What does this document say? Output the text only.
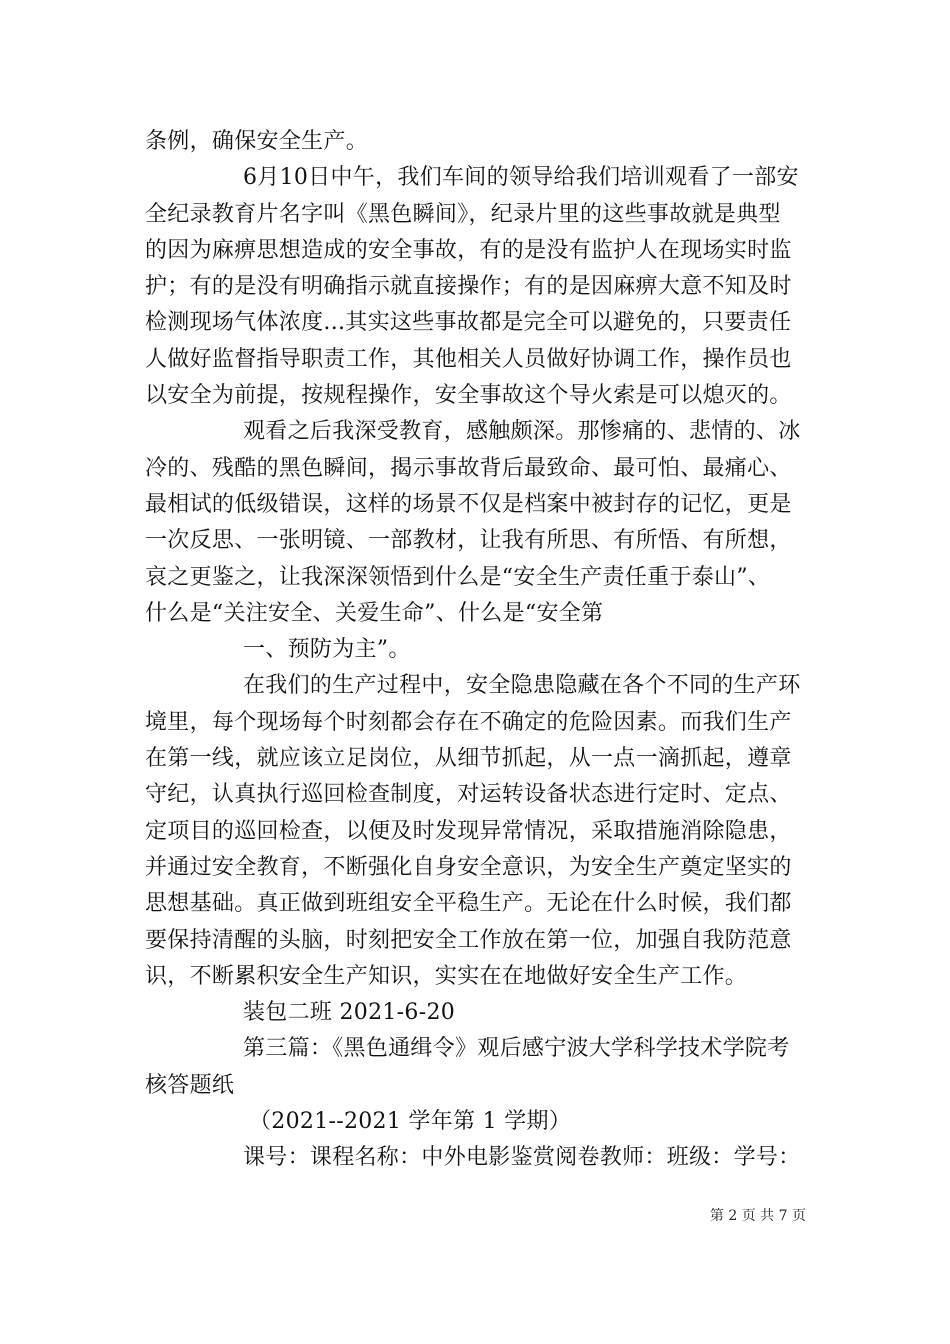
条例，确保安全生产。
6月10日中午，我们车间的领导给我们培训观看了一部安
全纪录教育片名字叫《黑色瞬间》，纪录片里的这些事故就是典型
的因为麻痹思想造成的安全事故，有的是没有监护人在现场实时监
护；有的是没有明确指示就直接操作；有的是因麻痹大意不知及时
检测现场气体浓度...其实这些事故都是完全可以避免的，只要责任
人做好监督指导职责工作，其他相关人员做好协调工作，操作员也
以安全为前提，按规程操作，安全事故这个导火索是可以熄灭的。
观看之后我深受教育，感触颇深。那惨痛的、悲情的、冰
冷的、残酷的黑色瞬间，揭示事故背后最致命、最可怕、最痛心、
最相试的低级错误，这样的场景不仅是档案中被封存的记忆，更是
一次反思、一张明镜、一部教材，让我有所思、有所悟、有所想，
哀之更鉴之，让我深深领悟到什么是“安全生产责任重于泰山”、
什么是“关注安全、关爱生命”、什么是“安全第
一、预防为主”。
在我们的生产过程中，安全隐患隐藏在各个不同的生产环
境里，每个现场每个时刻都会存在不确定的危险因素。而我们生产
在第一线，就应该立足岗位，从细节抓起，从一点一滴抓起，遵章
守纪，认真执行巡回检查制度，对运转设备状态进行定时、定点、
定项目的巡回检查，以便及时发现异常情况，采取措施消除隐患，
并通过安全教育，不断强化自身安全意识，为安全生产奠定坚实的
思想基础。真正做到班组安全平稳生产。无论在什么时候，我们都
要保持清醒的头脑，时刻把安全工作放在第一位，加强自我防范意
识，不断累积安全生产知识，实实在在地做好安全生产工作。
装包二班 2021-6-20
第三篇：《黑色通缉令》观后感宁波大学科学技术学院考
核答题纸
（2021--2021 学年第 1 学期）
课号：课程名称：中外电影鉴赏阅卷教师：班级：学号：
第 2 页 共 7 页
